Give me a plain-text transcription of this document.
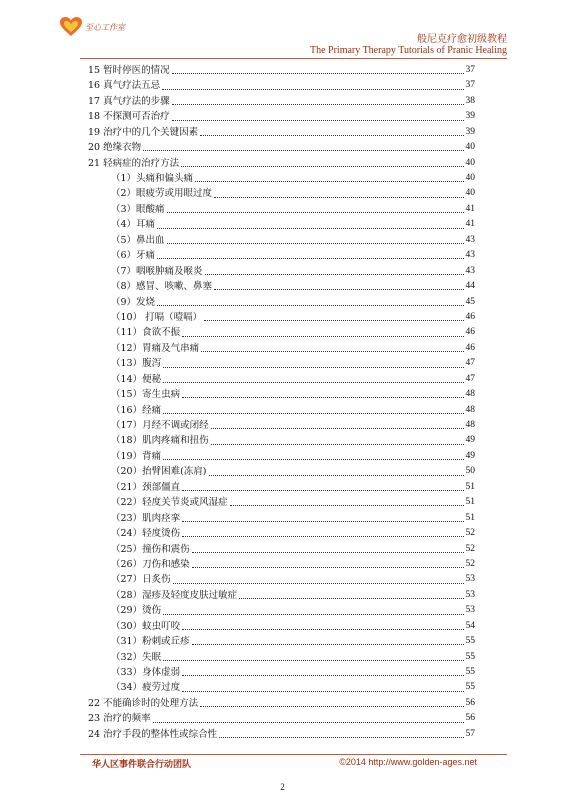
至心工作室
般尼克疗愈初级教程
The Primary Therapy Tutorials of Pranic Healing
15 暂时停医的情况	37
16 真气疗法五忌	37
17 真气疗法的步骤	38
18 不探测可否治疗	39
19 治疗中的几个关键因素	39
20 绝缘衣物	40
21 轻病症的治疗方法	40
（1）头痛和偏头痛	40
（2）眼疲劳或用眼过度	40
（3）眼酸痛	41
（4）耳痛	41
（5）鼻出血	43
（6）牙痛	43
（7）咽喉肿痛及喉炎	43
（8）感冒、咳嗽、鼻塞	44
（9）发烧	45
（10） 打嗝（噎嗝）	46
（11）食欲不振	46
（12）胃痛及气串痛	46
（13）腹泻	47
（14）便秘	47
（15）寄生虫病	48
（16）经痛	48
（17）月经不调或闭经	48
（18）肌肉疼痛和扭伤	49
（19）背痛	49
（20）抬臂困难(冻肩)	50
（21）颈部僵直	51
（22）轻度关节炎或风湿症	51
（23）肌肉痉挛	51
（24）轻度烫伤	52
（25）撞伤和震伤	52
（26）刀伤和感染	52
（27）日炙伤	53
（28）湿疹及轻度皮肤过敏症	53
（29）烫伤	53
（30）蚊虫叮咬	54
（31）粉刺或丘疹	55
（32）失眠	55
（33）身体虚弱	55
（34）疲劳过度	55
22 不能确诊时的处理方法	56
23 治疗的频率	56
24 治疗手段的整体性或综合性	57
华人区事件联合行动团队	©2014 http://www.golden-ages.net
2
